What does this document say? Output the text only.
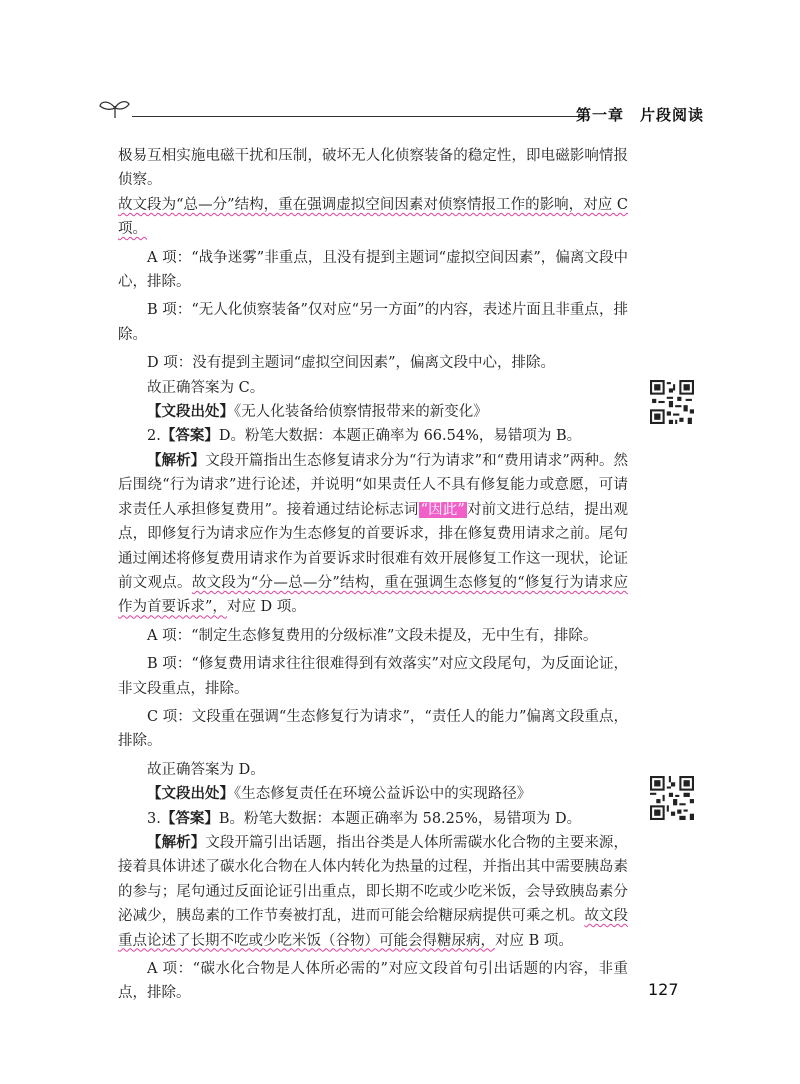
第一章 片段阅读

极易互相实施电磁干扰和压制，破坏无人化侦察装备的稳定性，即电磁影响情报侦察。

故文段为“总—分”结构，重在强调虚拟空间因素对侦察情报工作的影响，对应 C 项。

A 项：“战争迷雾”非重点，且没有提到主题词“虚拟空间因素”，偏离文段中心，排除。

B 项：“无人化侦察装备”仅对应“另一方面”的内容，表述片面且非重点，排除。

D 项：没有提到主题词“虚拟空间因素”，偏离文段中心，排除。

故正确答案为 C。

【文段出处】《无人化装备给侦察情报带来的新变化》

2.【答案】D。粉笔大数据：本题正确率为 66.54%，易错项为 B。

【解析】文段开篇指出生态修复请求分为“行为请求”和“费用请求”两种。然后围绕“行为请求”进行论述，并说明“如果责任人不具有修复能力或意愿，可请求责任人承担修复费用”。接着通过结论标志词 “因此” 对前文进行总结，提出观点，即修复行为请求应作为生态修复的首要诉求，排在修复费用请求之前。尾句通过阐述将修复费用请求作为首要诉求时很难有效开展修复工作这一现状，论证前文观点。故文段为“分—总—分”结构，重在强调生态修复的“修复行为请求应作为首要诉求”，对应 D 项。

A 项：“制定生态修复费用的分级标准”文段未提及，无中生有，排除。

B 项：“修复费用请求往往很难得到有效落实”对应文段尾句，为反面论证，非文段重点，排除。

C 项：文段重在强调“生态修复行为请求”，“责任人的能力”偏离文段重点，排除。

故正确答案为 D。

【文段出处】《生态修复责任在环境公益诉讼中的实现路径》

3.【答案】B。粉笔大数据：本题正确率为 58.25%，易错项为 D。

【解析】文段开篇引出话题，指出谷类是人体所需碳水化合物的主要来源，接着具体讲述了碳水化合物在人体内转化为热量的过程，并指出其中需要胰岛素的参与；尾句通过反面论证引出重点，即长期不吃或少吃米饭，会导致胰岛素分泌减少，胰岛素的工作节奏被打乱，进而可能会给糖尿病提供可乘之机。故文段重点论述了长期不吃或少吃米饭（谷物）可能会得糖尿病，对应 B 项。

A 项：“碳水化合物是人体所必需的”对应文段首句引出话题的内容，非重点，排除。	127
